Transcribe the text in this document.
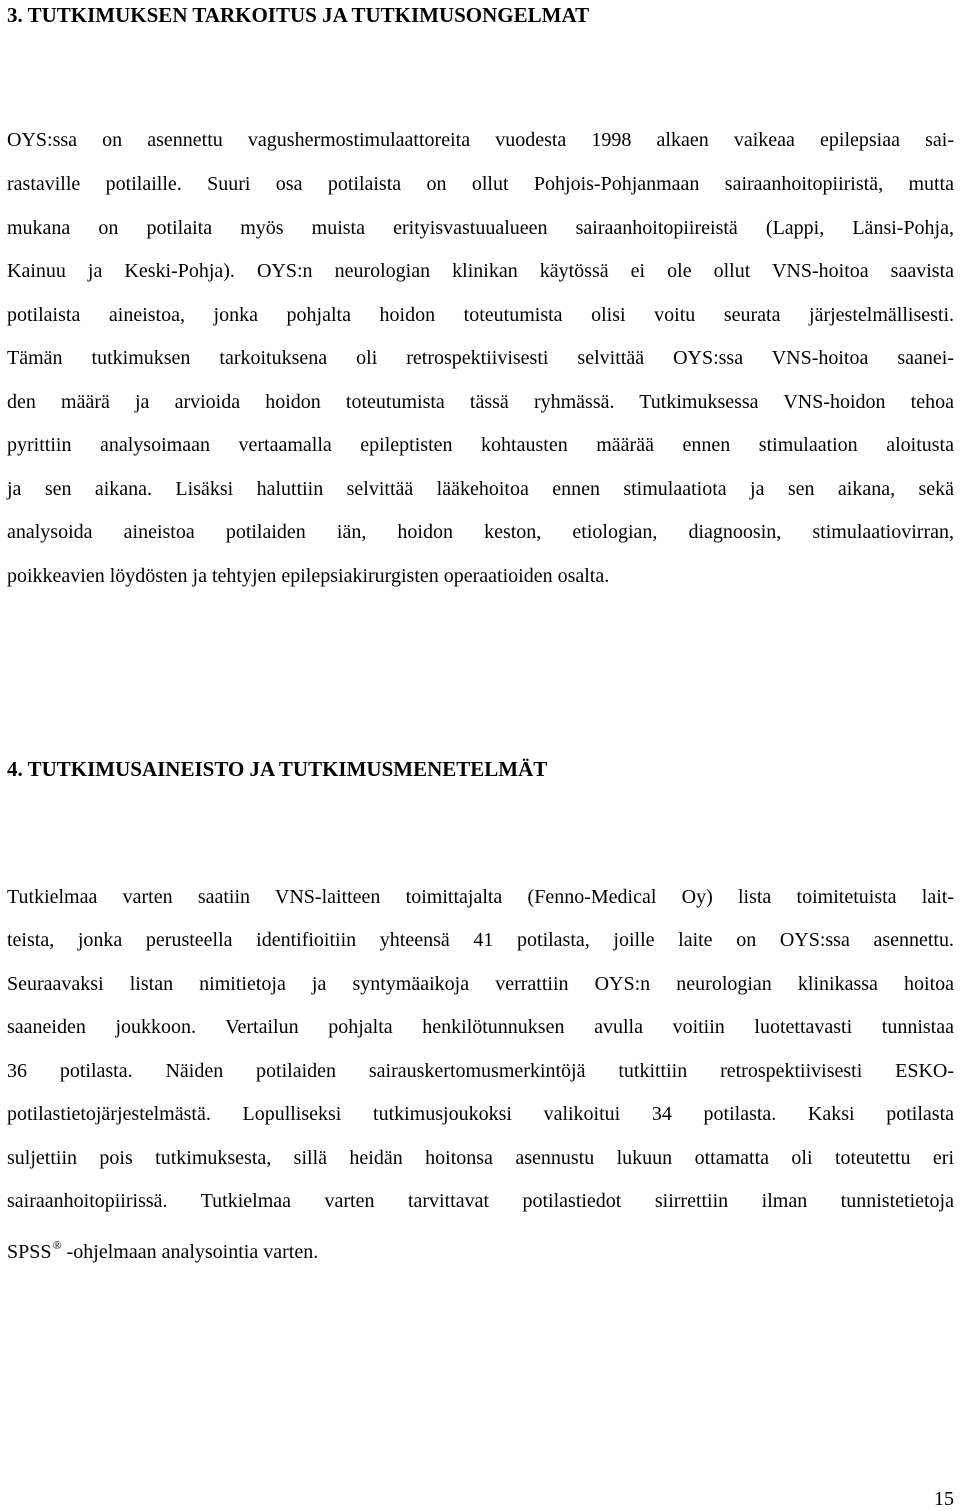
3. TUTKIMUKSEN TARKOITUS JA TUTKIMUSONGELMAT

OYS:ssa on asennettu vagushermostimulaattoreita vuodesta 1998 alkaen vaikeaa epilepsiaa sai-

rastaville potilaille. Suuri osa potilaista on ollut Pohjois-Pohjanmaan sairaanhoitopiiristä, mutta

mukana on potilaita myös muista erityisvastuualueen sairaanhoitopiireistä (Lappi, Länsi-Pohja,

Kainuu ja Keski-Pohja). OYS:n neurologian klinikan käytössä ei ole ollut VNS-hoitoa saavista

potilaista aineistoa, jonka pohjalta hoidon toteutumista olisi voitu seurata järjestelmällisesti.

Tämän tutkimuksen tarkoituksena oli retrospektiivisesti selvittää OYS:ssa VNS-hoitoa saanei-

den määrä ja arvioida hoidon toteutumista tässä ryhmässä. Tutkimuksessa VNS-hoidon tehoa

pyrittiin analysoimaan vertaamalla epileptisten kohtausten määrää ennen stimulaation aloitusta

ja sen aikana. Lisäksi haluttiin selvittää lääkehoitoa ennen stimulaatiota ja sen aikana, sekä

analysoida aineistoa potilaiden iän, hoidon keston, etiologian, diagnoosin, stimulaatiovirran,

poikkeavien löydösten ja tehtyjen epilepsiakirurgisten operaatioiden osalta.

4. TUTKIMUSAINEISTO JA TUTKIMUSMENETELMÄT

Tutkielmaa varten saatiin VNS-laitteen toimittajalta (Fenno-Medical Oy) lista toimitetuista lait-

teista, jonka perusteella identifioitiin yhteensä 41 potilasta, joille laite on OYS:ssa asennettu.

Seuraavaksi listan nimitietoja ja syntymäaikoja verrattiin OYS:n neurologian klinikassa hoitoa

saaneiden joukkoon. Vertailun pohjalta henkilötunnuksen avulla voitiin luotettavasti tunnistaa

36 potilasta. Näiden potilaiden sairauskertomusmerkintöjä tutkittiin retrospektiivisesti ESKO-

potilastietojärjestelmästä. Lopulliseksi tutkimusjoukoksi valikoitui 34 potilasta. Kaksi potilasta

suljettiin pois tutkimuksesta, sillä heidän hoitonsa asennustu lukuun ottamatta oli toteutettu eri

sairaanhoitopiirissä. Tutkielmaa varten tarvittavat potilastiedot siirrettiin ilman tunnistetietoja

SPSS® -ohjelmaan analysointia varten.

15
